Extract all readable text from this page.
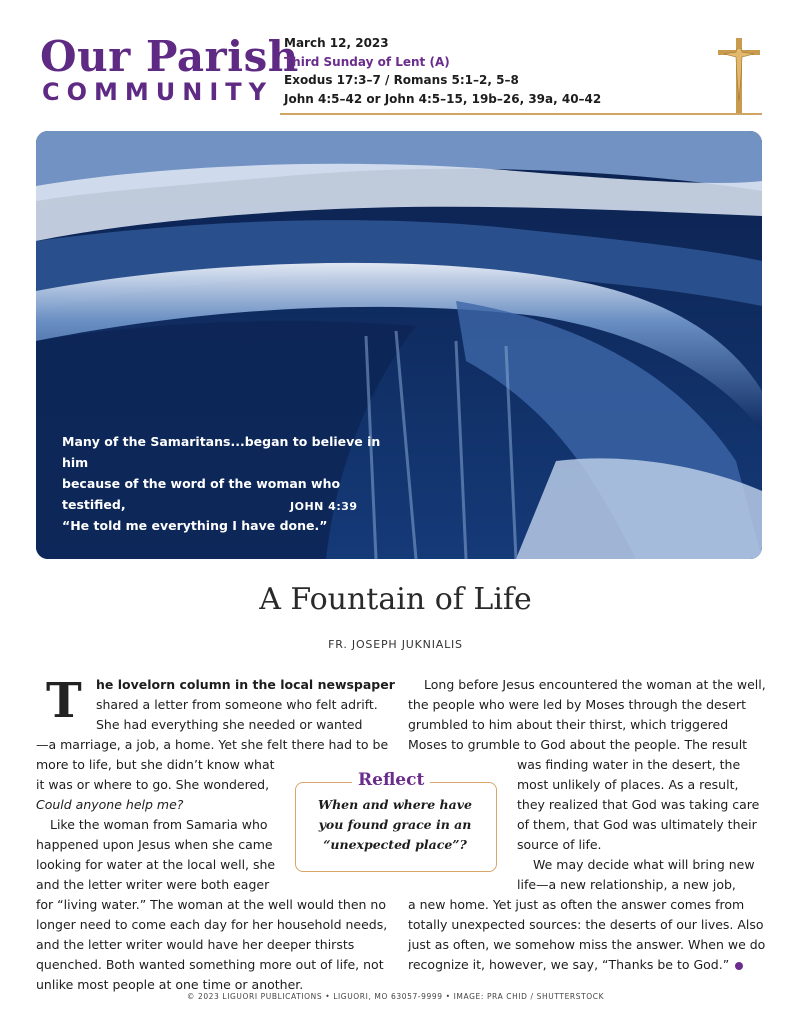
Our Parish
COMMUNITY
March 12, 2023
Third Sunday of Lent (A)
Exodus 17:3–7 / Romans 5:1–2, 5–8
John 4:5–42 or John 4:5–15, 19b–26, 39a, 40–42
Many of the Samaritans...began to believe in him
because of the word of the woman who testified,
“He told me everything I have done.”
JOHN 4:39
A Fountain of Life
FR. JOSEPH JUKNIALIS
T he lovelorn column in the local newspaper
shared a letter from someone who felt adrift.
She had everything she needed or wanted
—a marriage, a job, a home. Yet she felt there had to be
more to life, but she didn’t know what
it was or where to go. She wondered,
Could anyone help me?
Like the woman from Samaria who
happened upon Jesus when she came
looking for water at the local well, she
and the letter writer were both eager
for “living water.” The woman at the well would then no
longer need to come each day for her household needs,
and the letter writer would have her deeper thirsts
quenched. Both wanted something more out of life, not
unlike most people at one time or another.
Reflect
When and where have
you found grace in an
“unexpected place”?
Long before Jesus encountered the woman at the well,
the people who were led by Moses through the desert
grumbled to him about their thirst, which triggered
Moses to grumble to God about the people. The result
was finding water in the desert, the
most unlikely of places. As a result,
they realized that God was taking care
of them, that God was ultimately their
source of life.
We may decide what will bring new
life—a new relationship, a new job,
a new home. Yet just as often the answer comes from
totally unexpected sources: the deserts of our lives. Also
just as often, we somehow miss the answer. When we do
recognize it, however, we say, “Thanks be to God.”
© 2023 LIGUORI PUBLICATIONS • LIGUORI, MO 63057-9999 • IMAGE: PRA CHID / SHUTTERSTOCK
